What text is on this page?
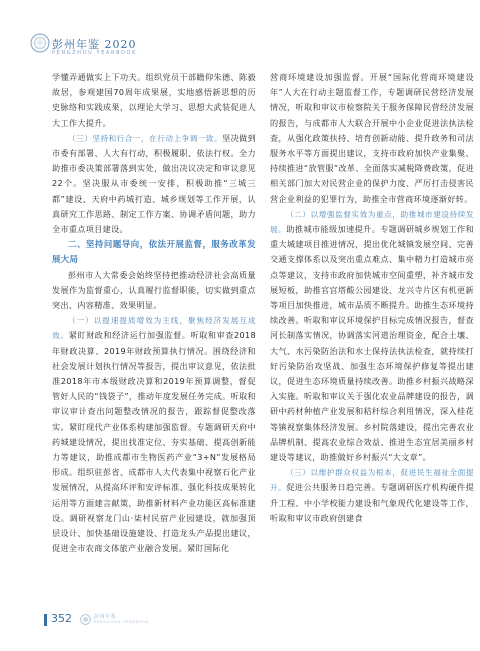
彭州年鉴 2020
PENGZHOU YEARBOOK

学懂弄通做实上下功夫。组织党员干部瞻仰朱德、陈毅故居，参观建国70周年成果展，实地感悟新思想的历史脉络和实践成果，以理论大学习、思想大武装促进人大工作大提升。

（三）坚持和行合一，在行动上争调一致。坚决做到市委有部署、人大有行动，积极履职、依法行权。全力助推市委决策部署落到实处，做出决议决定和审议意见22个。坚决服从市委统一安排，积极助推“三城三都”建设、天府中药城打造、城乡规划等工作开展，认真研究工作思路、制定工作方案、协调矛盾问题，助力全市重点项目建设。

二、坚持问题导向，依法开展监督，服务改革发展大局

彭州市人大常委会始终坚持把推动经济社会高质量发展作为监督重心，认真履行监督职能，切实做到重点突出、内容精准、效果明显。

（一）以提速提质增效为主线，聚焦经济发展互成效。紧盯财政和经济运行加强监督。听取和审查2018年财政决算、2019年财政预算执行情况。围绕经济和社会发展计划执行情况等报告，提出审议意见，依法批准2018年市本级财政决算和2019年预算调整，督促管好人民的“钱袋子”，推动年度发展任务完成。听取和审议审计查出问题整改情况的报告，跟踪督促整改落实。紧盯现代产业体系构建加强监督。专题调研天府中药城建设情况，提出找准定位、夯实基础、提高创新能力等建议，助推成都市生物医药产业“3+N”发展格局形成。组织驻彭省、成都市人大代表集中视察石化产业发展情况，从提高环评和安评标准、强化科技成果转化运用等方面建言献策，助推新材料产业功能区高标准建设。调研视察龙门山·柒村民宿产业园建设，就加强顶层设计、加快基础设施建设、打造龙头产品提出建议，促进全市农商文体旅产业融合发展。紧盯国际化

营商环境建设加强监督。开展“国际化营商环境建设年”人大在行动主题监督工作，专题调研民营经济发展情况，听取和审议市检察院关于服务保障民营经济发展的报告，与成都市人大联合开展中小企业促进法执法检查，从强化政策扶持、培育创新动能、提升政务和司法服务水平等方面提出建议，支持市政府加快产业集聚、持续推进“放管服”改革、全面落实减税降费政策，促进相关部门加大对民营企业的保护力度、严厉打击侵害民营企业利益的犯罪行为，助推全市营商环境逐渐好转。

（二）以增强监督实效为重点，助推城市建设持续发展。助推城市能级加速提升。专题调研城乡规划工作和重大城建项目推进情况，提出优化城镇发展空间、完善交通支撑体系以及突出重点难点、集中精力打造城市亮点等建议，支持市政府加快城市空间重塑，补齐城市发展短板，助推官宫塔酸公园建设、龙兴寺片区有机更新等项目加快推进，城市品质不断提升。助推生态环境持续改善。听取和审议环境保护目标完成情况报告，督查河长制落实情况，协调落实河道治理资金，配合土壤、大气、水污染防治法和水土保持法执法检查，就持续打好污染防治攻坚战、加强生态环境保护修复等提出建议，促进生态环境质量持续改善。助推乡村振兴战略深入实施。听取和审议关于强化农业品牌建设的报告，调研中药材种植产业发展和秸秆综合利用情况，深入桂花等镇视察集体经济发展。乡村院落建设，提出完善农业品牌机制、提高农业综合效益、推进生态宜居美丽乡村建设等建议，助推做好乡村振兴“大文章”。

（三）以维护群众权益为根本，促进民生福祉全面提升。促进公共服务日趋完善。专题调研医疗机构硬件提升工程、中小学校能力建设和气象现代化建设等工作，听取和审议市政府创建食

352	彭州年鉴
PENGZHOU YEARBOOK
